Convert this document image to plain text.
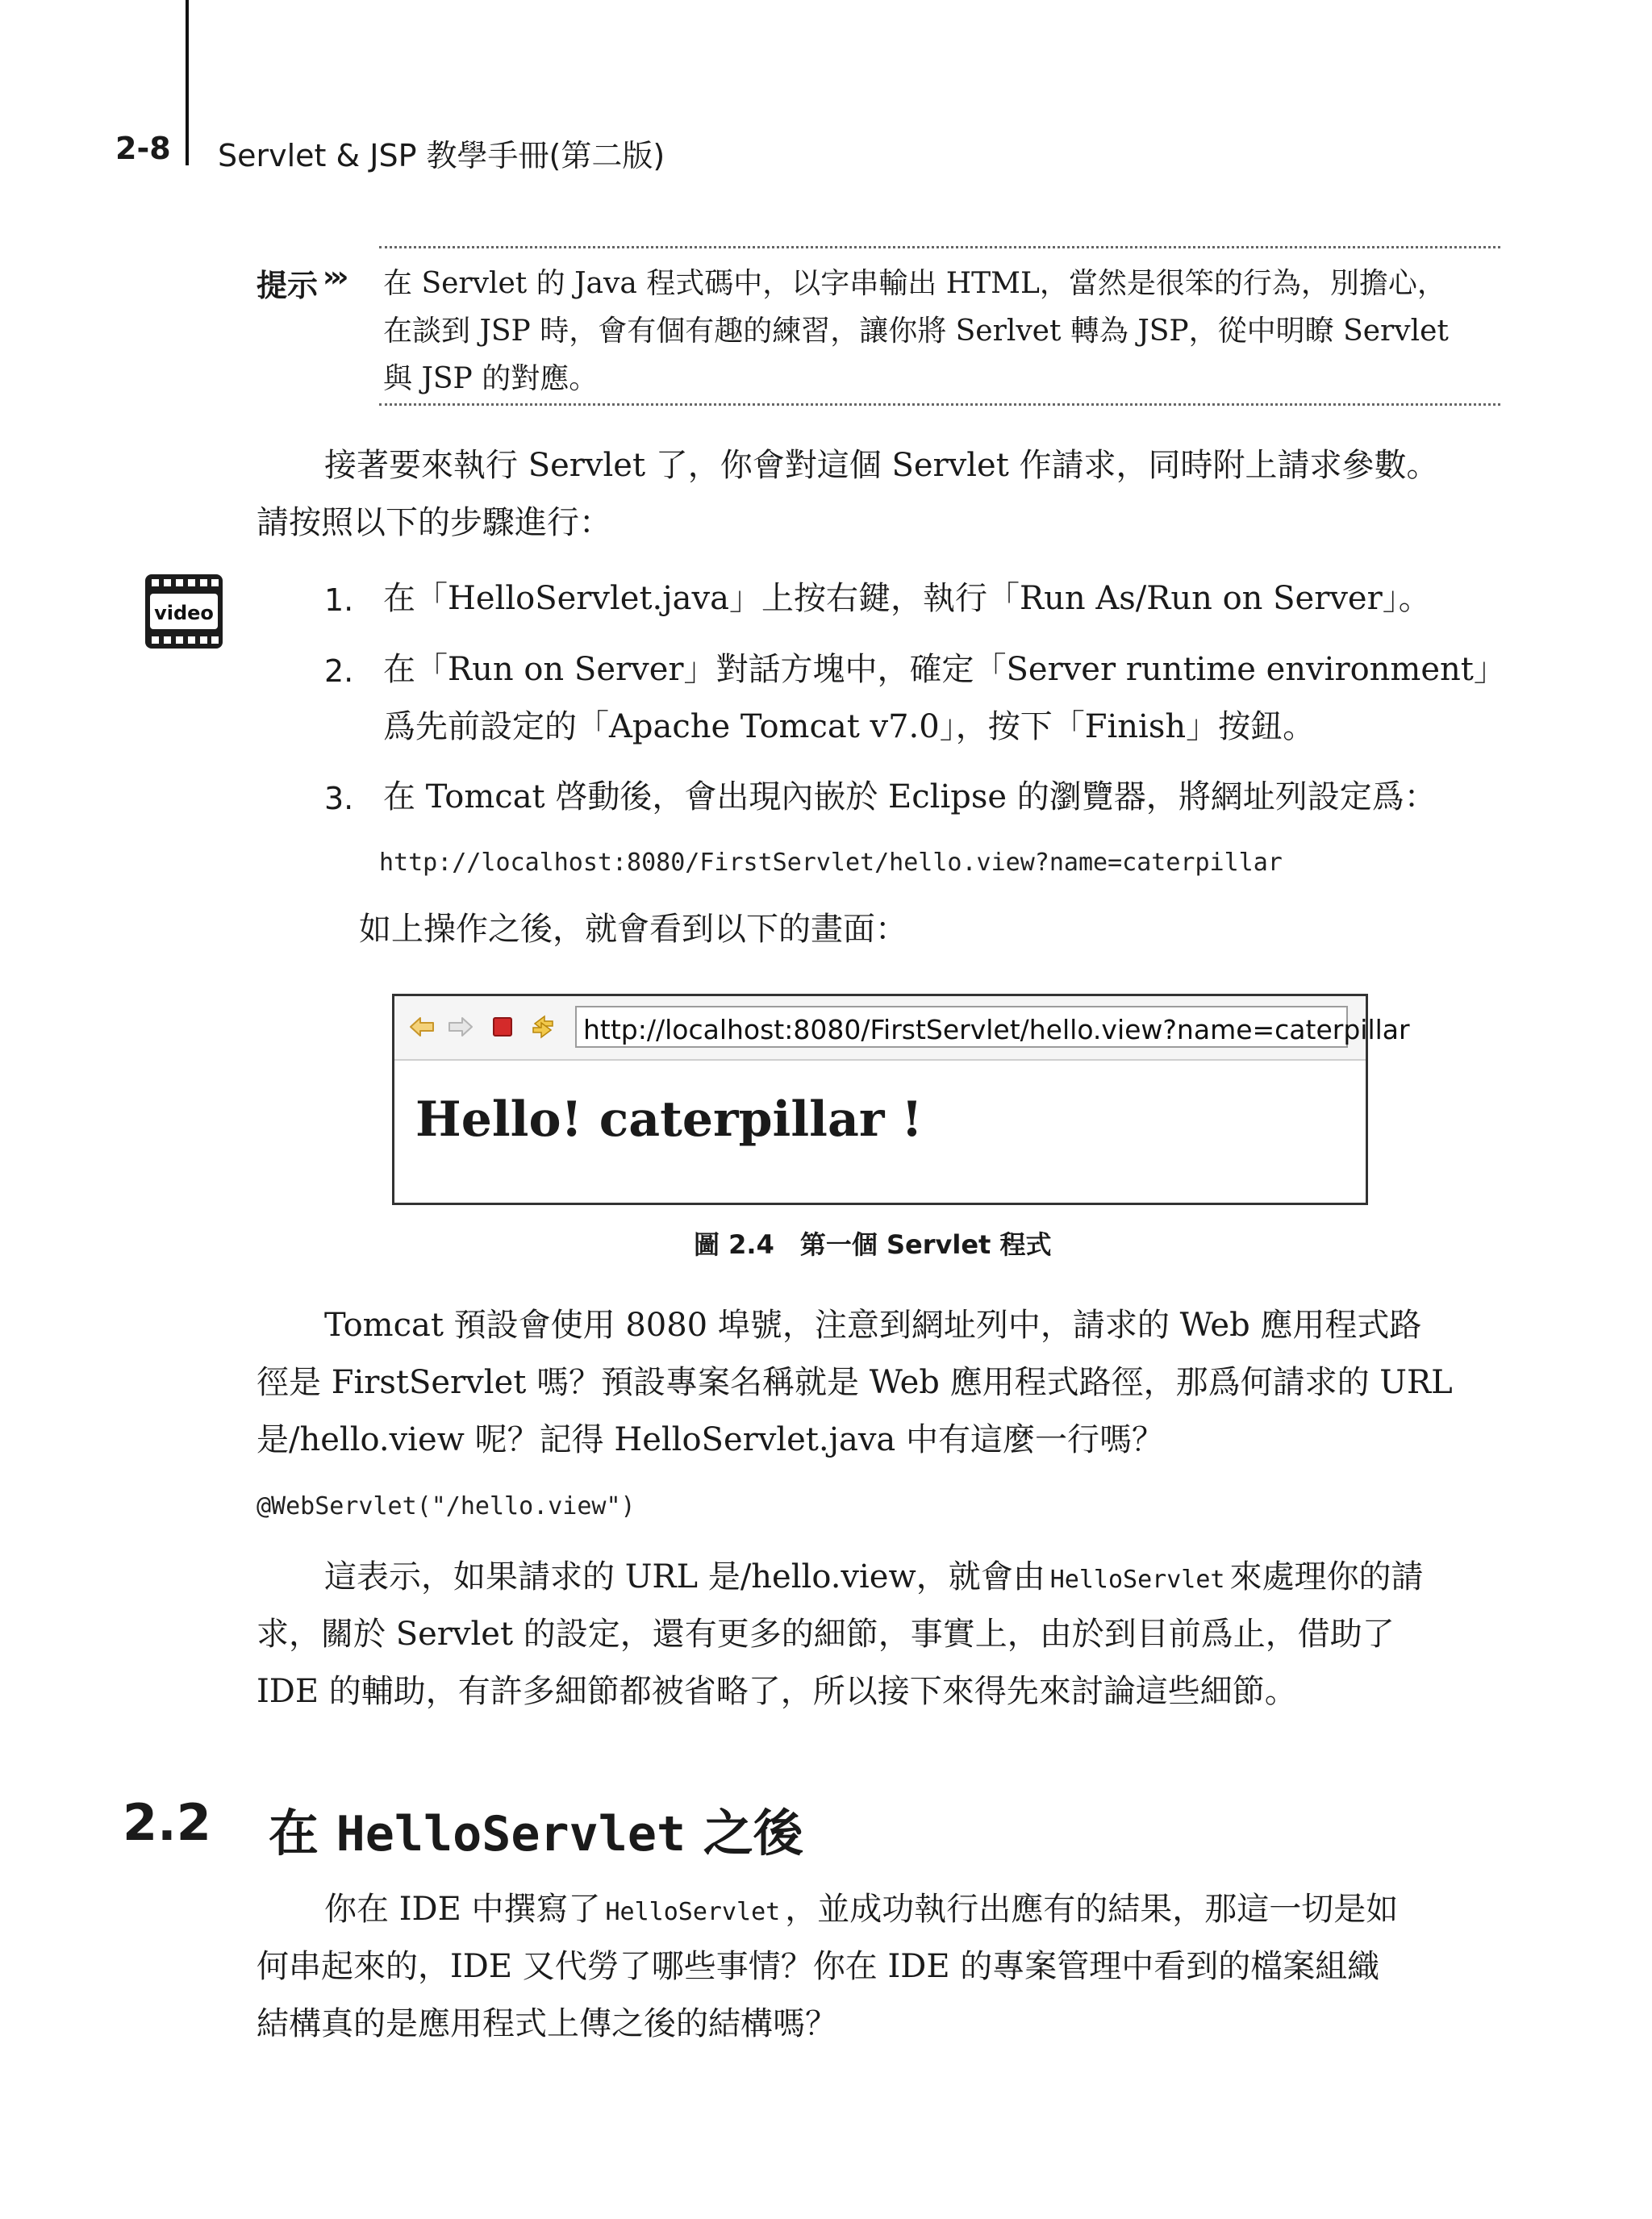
2-8 Servlet & JSP 教學手冊(第二版)
提示 ››› 在 Servlet 的 Java 程式碼中，以字串輸出 HTML，當然是很笨的行為，別擔心，
在談到 JSP 時，會有個有趣的練習，讓你將 Serlvet 轉為 JSP，從中明瞭 Servlet
與 JSP 的對應。
接著要來執行 Servlet 了，你會對這個 Servlet 作請求，同時附上請求參數。
請按照以下的步驟進行：
video	1. 在「HelloServlet.java」上按右鍵，執行「Run As/Run on Server」。
2. 在「Run on Server」對話方塊中，確定「Server runtime environment」
爲先前設定的「Apache Tomcat v7.0」，按下「Finish」按鈕。
3. 在 Tomcat 啓動後，會出現內嵌於 Eclipse 的瀏覽器，將網址列設定爲：
http://localhost:8080/FirstServlet/hello.view?name=caterpillar
如上操作之後，就會看到以下的畫面：
http://localhost:8080/FirstServlet/hello.view?name=caterpillar
Hello! caterpillar !
圖 2.4　第一個 Servlet 程式
Tomcat 預設會使用 8080 埠號，注意到網址列中，請求的 Web 應用程式路
徑是 FirstServlet 嗎？預設專案名稱就是 Web 應用程式路徑，那爲何請求的 URL
是/hello.view 呢？記得 HelloServlet.java 中有這麼一行嗎？
@WebServlet("/hello.view")
這表示，如果請求的 URL 是/hello.view，就會由 HelloServlet 來處理你的請
求，關於 Servlet 的設定，還有更多的細節，事實上，由於到目前爲止，借助了
IDE 的輔助，有許多細節都被省略了，所以接下來得先來討論這些細節。
2.2 在 HelloServlet 之後
你在 IDE 中撰寫了 HelloServlet ，並成功執行出應有的結果，那這一切是如
何串起來的，IDE 又代勞了哪些事情？你在 IDE 的專案管理中看到的檔案組織
結構真的是應用程式上傳之後的結構嗎？
